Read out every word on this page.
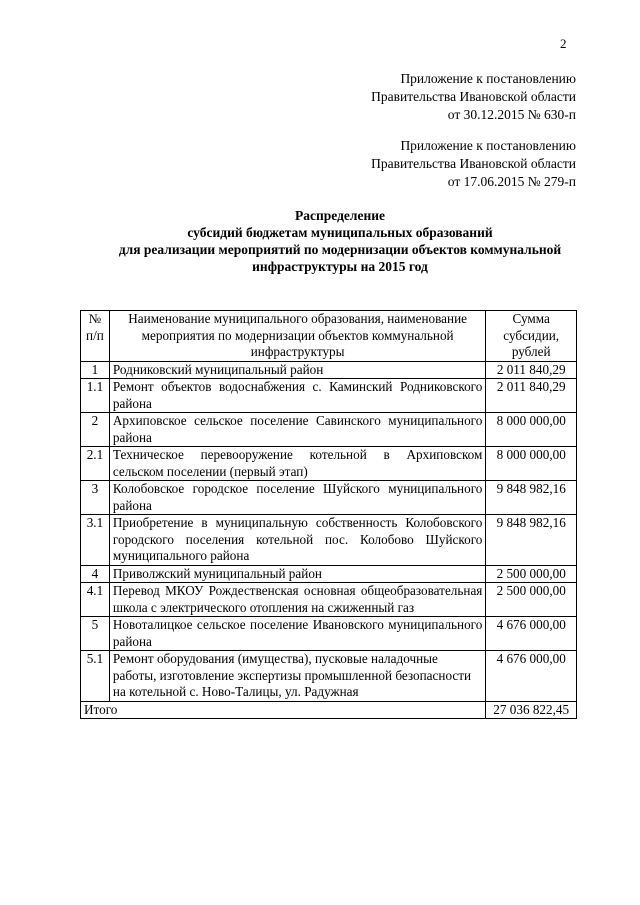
2
Приложение к постановлению
Правительства Ивановской области
от 30.12.2015 № 630-п
Приложение к постановлению
Правительства Ивановской области
от 17.06.2015 № 279-п
Распределение
субсидий бюджетам муниципальных образований
для реализации мероприятий по модернизации объектов коммунальной
инфраструктуры на 2015 год
№ п/п	Наименование муниципального образования, наименование мероприятия по модернизации объектов коммунальной инфраструктуры	Сумма субсидии, рублей
1	Родниковский муниципальный район	2 011 840,29
1.1	Ремонт объектов водоснабжения с. Каминский Родниковского района	2 011 840,29
2	Архиповское сельское поселение Савинского муниципального района	8 000 000,00
2.1	Техническое перевооружение котельной в Архиповском сельском поселении (первый этап)	8 000 000,00
3	Колобовское городское поселение Шуйского муниципального района	9 848 982,16
3.1	Приобретение в муниципальную собственность Колобовского городского поселения котельной пос. Колобово Шуйского муниципального района	9 848 982,16
4	Приволжский муниципальный район	2 500 000,00
4.1	Перевод МКОУ Рождественская основная общеобразовательная школа с электрического отопления на сжиженный газ	2 500 000,00
5	Новоталицкое сельское поселение Ивановского муниципального района	4 676 000,00
5.1	Ремонт оборудования (имущества), пусковые наладочные работы, изготовление экспертизы промышленной безопасности на котельной с. Ново-Талицы, ул. Радужная	4 676 000,00
Итого		27 036 822,45
